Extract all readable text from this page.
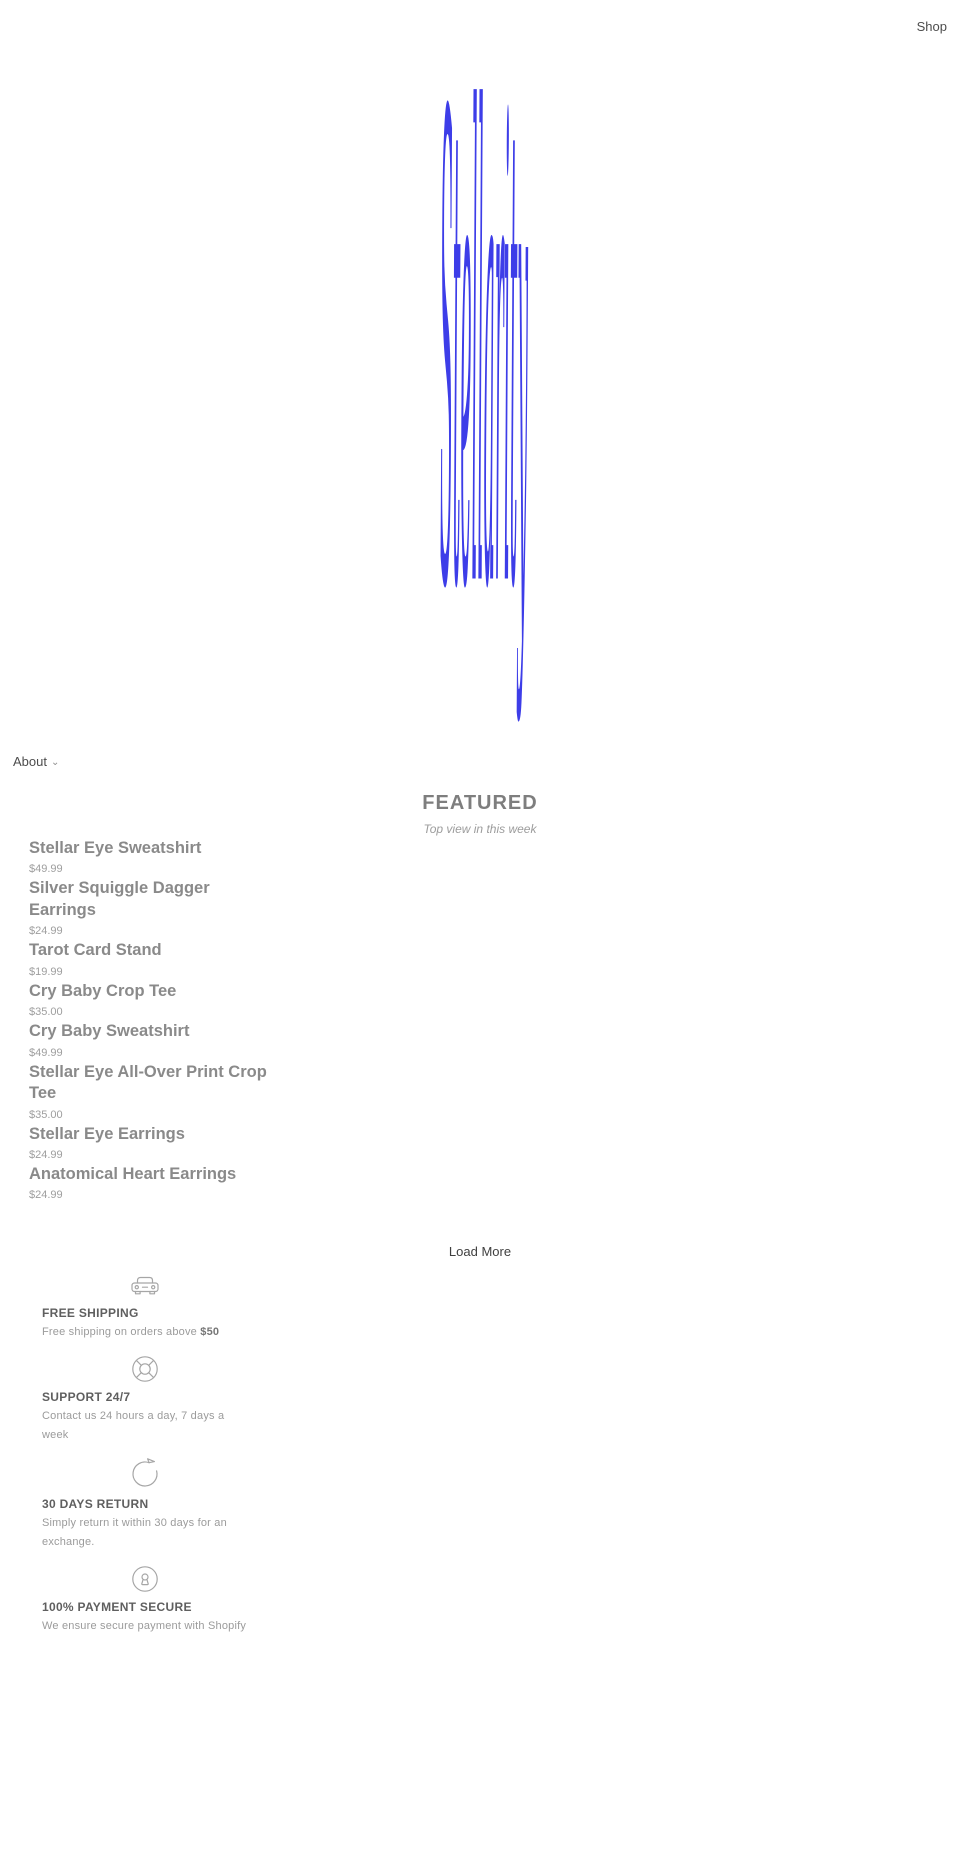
Shop
Stellarity
About ⌄
FEATURED
Top view in this week
Stellar Eye Sweatshirt
$49.99
Silver Squiggle Dagger Earrings
$24.99
Tarot Card Stand
$19.99
Cry Baby Crop Tee
$35.00
Cry Baby Sweatshirt
$49.99
Stellar Eye All-Over Print Crop Tee
$35.00
Stellar Eye Earrings
$24.99
Anatomical Heart Earrings
$24.99
Load More
FREE SHIPPING
Free shipping on orders above $50
SUPPORT 24/7
Contact us 24 hours a day, 7 days a week
30 DAYS RETURN
Simply return it within 30 days for an exchange.
100% PAYMENT SECURE
We ensure secure payment with Shopify
